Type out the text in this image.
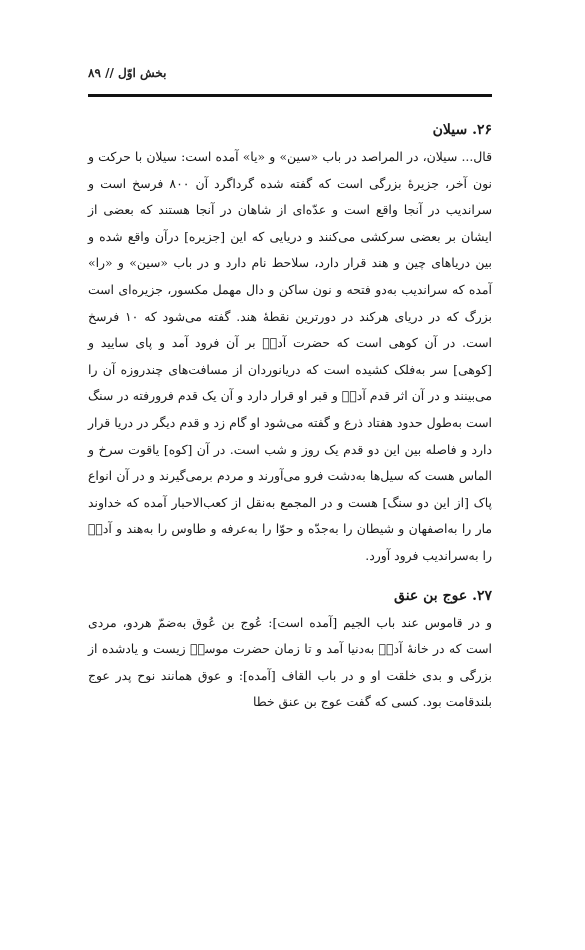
بخش اوّل // ۸۹
۲۶. سیلان

قال... سیلان، در المراصد در باب «سین» و «یا» آمده است: سیلان با حرکت و نون آخر، جزیرهٔ بزرگی است که گفته شده گرداگرد آن ۸۰۰ فرسخ است و سراندیب در آنجا واقع است و عدّه‌ای از شاهان در آنجا هستند که بعضی از ایشان بر بعضی سرکشی می‌کنند و دریایی که این [جزیره] درآن واقع شده و بین دریاهای چین و هند قرار دارد، سلاحط نام دارد و در باب «سین» و «را» آمده که سراندیب به‌دو فتحه و نون ساکن و دال مهمل مکسور، جزیره‌ای است بزرگ که در دریای هرکند در دورترین نقطهٔ هند. گفته می‌شود که ۱۰ فرسخ است. در آن کوهی است که حضرت آدمؑ بر آن فرود آمد و پای سایید و [کوهی] سر به‌فلک کشیده است که دریانوردان از مسافت‌های چندروزه آن را می‌بینند و در آن اثر قدم آدمؑ و قبر او قرار دارد و آن یک قدم فرورفته در سنگ است به‌طول حدود هفتاد ذرع و گفته می‌شود او گام زد و قدم دیگر در دریا قرار دارد و فاصله بین این دو قدم یک روز و شب است. در آن [کوه] یاقوت سرخ و الماس هست که سیل‌ها به‌دشت فرو می‌آورند و مردم برمی‌گیرند و در آن انواع پاک [از این دو سنگ] هست و در المجمع به‌نقل از کعب‌الاحبار آمده که خداوند مار را به‌اصفهان و شیطان را به‌جدّه و حوّا را به‌عرفه و طاوس را به‌هند و آدمؑ را به‌سراندیب فرود آورد.

۲۷. عوج بن عنق

و در قاموس عند باب الجیم [آمده است]: عُوج بن عُوق به‌ضمّ هردو، مردی است که در خانهٔ آدمؑ به‌دنیا آمد و تا زمان حضرت موسیؑ زیست و یادشده از بزرگی و بدی خلقت او و در باب القاف [آمده]: و عوق همانند نوح پدر عوج بلندقامت بود. کسی که گفت عوج بن عنق خطا
